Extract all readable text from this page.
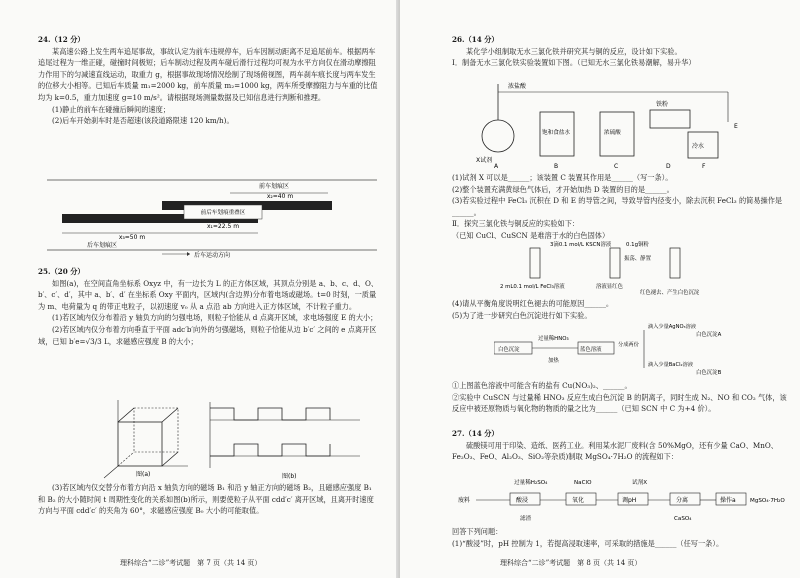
24.（12 分）

某高速公路上发生两车追尾事故，事故认定为前车违规停车，后车因制动距离不足追尾前车。根据两车追尾过程为一维正碰，碰撞时间极短；后车制动过程及两车碰后滑行过程均可视为水平方向仅在滑动摩擦阻力作用下的匀减速直线运动，取重力 g，根据事故现场情况绘制了现场俯视图，两车刹车痕长度与两车发生的位移大小相等。已知后车质量 m₁=2000 kg，前车质量 m₂=1000 kg，两车所受摩擦阻力与车重的比值均为 k=0.5，重力加速度 g=10 m/s²。请根据现场测量数据及已知信息进行判断和推理。

(1)静止的前车在碰撞后瞬间的速度；

(2)后车开始刹车时是否超速(该段道路限速 120 km/h)。

前车划痕区
x₂=40 m
前后车划痕重叠区
x₁=22.5 m
x₃=50 m
后车划痕区
后车运动方向

25.（20 分）

如图(a)，在空间直角坐标系 Oxyz 中，有一边长为 L 的正方体区域，其顶点分别是 a、b、c、d、O、b′、c′、d′，其中 a、b′、d′ 在坐标系 Oxy 平面内，区域内(含边界)分布着电场或磁场。t=0 时刻，一质量为 m、电荷量为 q 的带正电粒子，以初速度 v₀ 从 a 点沿 ab 方向进入正方体区域，不计粒子重力。

(1)若区域内仅分布着沿 y 轴负方向的匀强电场，则粒子恰能从 d 点离开区域，求电场强度 E 的大小；

(2)若区域内仅分布着方向垂直于平面 adc′b′向外的匀强磁场，则粒子恰能从边 b′c′ 之间的 e 点离开区域，已知 b′e=√3/3 L，求磁感应强度 B 的大小；

图(a)	图(b)

(3)若区域内仅交替分布着方向沿 x 轴负方向的磁场 B₁ 和沿 y 轴正方向的磁场 B₂，且磁感应强度 B₁ 和 B₂ 的大小随时间 t 周期性变化的关系如图(b)所示，则要使粒子从平面 cdd′c′ 离开区域，且离开时速度方向与平面 cdd′c′ 的夹角为 60°，求磁感应强度 B₀ 大小的可能取值。

理科综合“二诊”考试题　第 7 页（共 14 页）

26.（14 分）

某化学小组制取无水三氯化铁并研究其与铜的反应，设计如下实验。

Ⅰ．制备无水三氯化铁实验装置如下图。（已知无水三氯化铁易潮解，易升华）

浓盐酸
X试剂
饱和食盐水	浓硫酸
铁粉
冷水
A	B	C	D
E
F

(1)试剂 X 可以是______；该装置 C 装置其作用是______（写一条）。

(2)整个装置充满黄绿色气体后，才开始加热 D 装置的目的是______。

(3)若实验过程中 FeCl₃ 沉积在 D 和 E 的导管之间，导致导管内径变小，除去沉积 FeCl₃ 的简易操作是______。

Ⅱ．探究三氯化铁与铜反应的实验如下：

（已知 CuCl、CuSCN 是难溶于水的白色固体）

3滴0.1 mol/L KSCN溶液	0.1g铜粉
振荡、静置
2 mL0.1 mol/L FeCl₃溶液	溶液显红色
红色褪去、产生白色沉淀

(4)请从平衡角度说明红色褪去的可能原因______。

(5)为了进一步研究白色沉淀进行如下实验。

白色沉淀
过量稀HNO₃
加热
蓝色溶液
分成两份
滴入少量AgNO₃溶液
滴入少量BaCl₂溶液
白色沉淀A
白色沉淀B

①上图蓝色溶液中可能含有的盐有 Cu(NO₃)₂、______。

②实验中 CuSCN 与过量稀 HNO₃ 反应生成白色沉淀 B 的阴离子，同时生成 N₂、NO 和 CO₂ 气体，该反应中被还原物质与氧化物的物质的量之比为______（已知 SCN 中 C 为+4 价）。

27.（14 分）

硫酸镁可用于印染、造纸、医药工业。利用某水泥厂废料(含 50%MgO，还有少量 CaO、MnO、Fe₂O₃、FeO、Al₂O₃、SiO₂等杂质)制取 MgSO₄·7H₂O 的流程如下：

过量稀H₂SO₄	NaClO	试剂X
废料	酸浸	氧化	调pH	分离	操作a	MgSO₄·7H₂O
滤渣	CaSO₄

回答下列问题：

(1)“酸浸”时，pH 控制为 1，若提高浸取速率，可采取的措施是______（任写一条）。

理科综合“二诊”考试题　第 8 页（共 14 页）
